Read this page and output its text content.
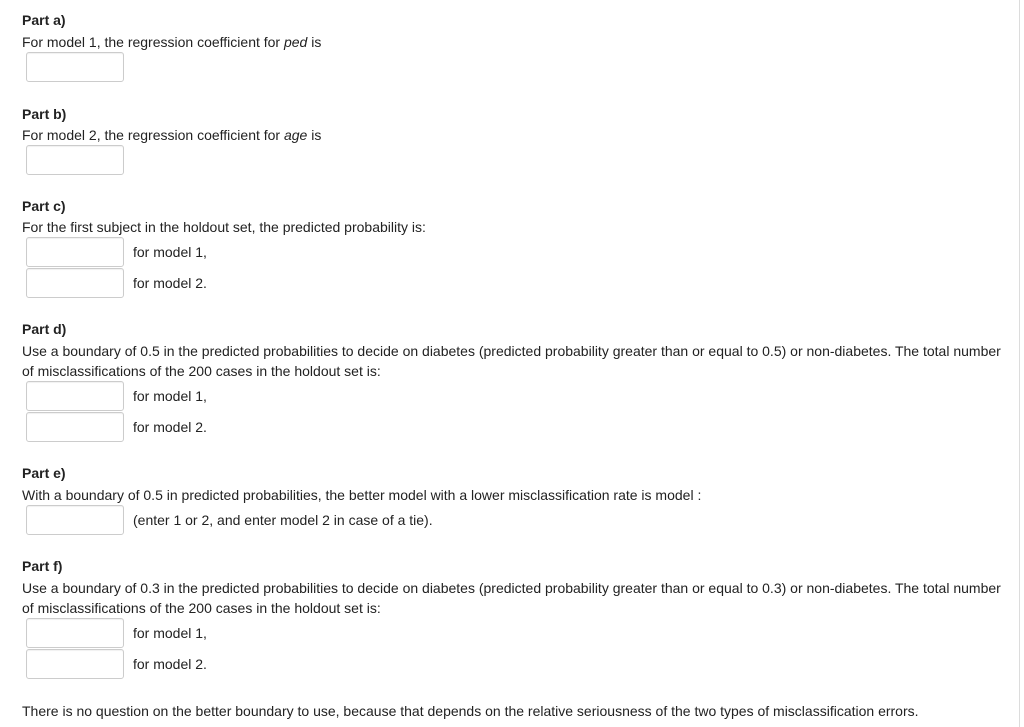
Part a)
For model 1, the regression coefficient for ped is
Part b)
For model 2, the regression coefficient for age is
Part c)
For the first subject in the holdout set, the predicted probability is:
for model 1,
for model 2.
Part d)
Use a boundary of 0.5 in the predicted probabilities to decide on diabetes (predicted probability greater than or equal to 0.5) or non-diabetes. The total number of misclassifications of the 200 cases in the holdout set is:
for model 1,
for model 2.
Part e)
With a boundary of 0.5 in predicted probabilities, the better model with a lower misclassification rate is model :
(enter 1 or 2, and enter model 2 in case of a tie).
Part f)
Use a boundary of 0.3 in the predicted probabilities to decide on diabetes (predicted probability greater than or equal to 0.3) or non-diabetes. The total number of misclassifications of the 200 cases in the holdout set is:
for model 1,
for model 2.
There is no question on the better boundary to use, because that depends on the relative seriousness of the two types of misclassification errors.
